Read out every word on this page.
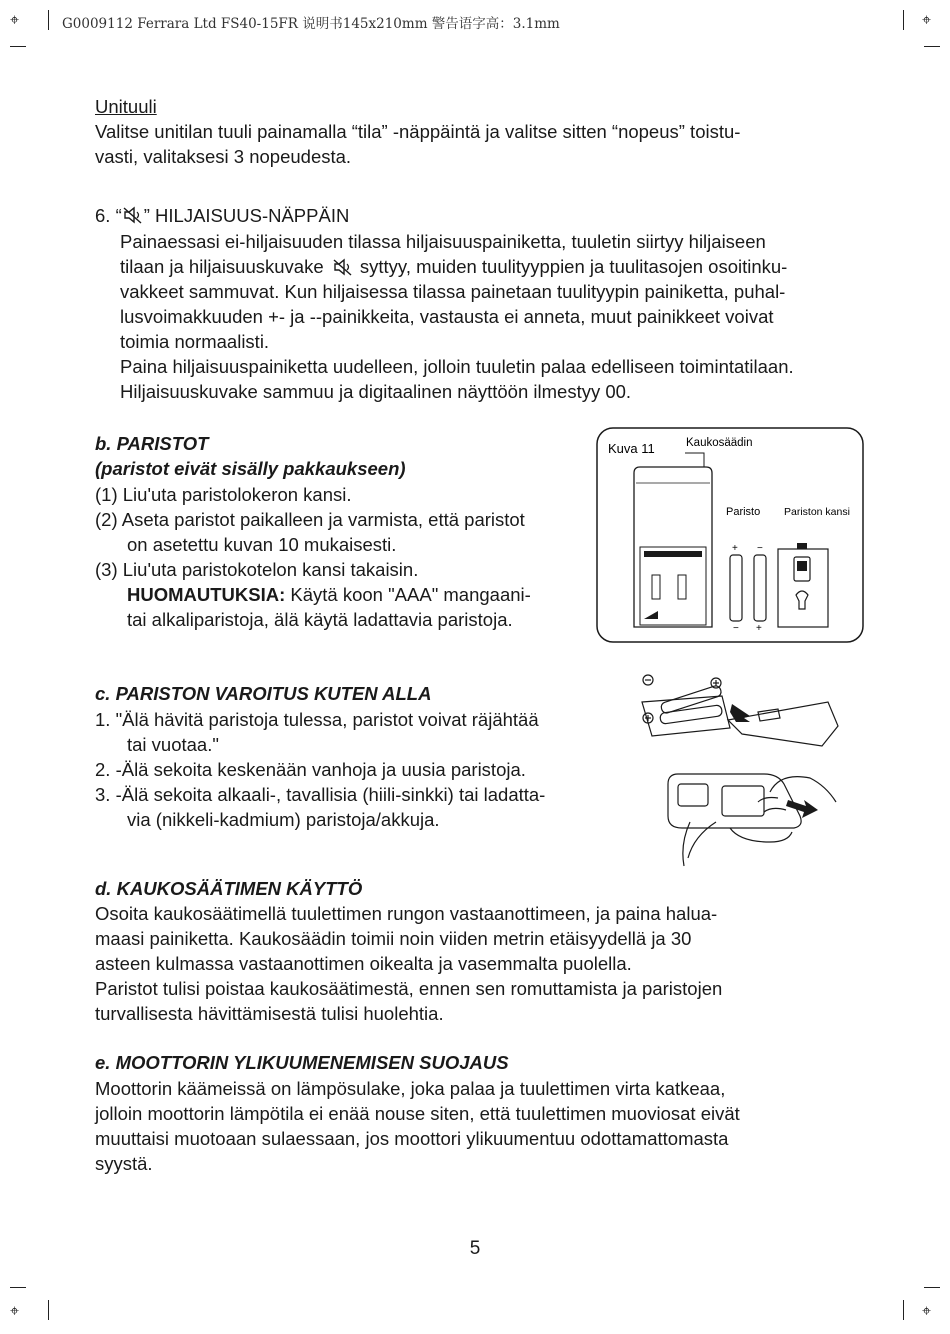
⌖	⌖
⌖	⌖
G0009112 Ferrara Ltd FS40-15FR 说明书145x210mm 警告语字高：3.1mm
Unituuli
Valitse unitilan tuuli painamalla “tila” -näppäintä ja valitse sitten “nopeus” toistu-
vasti, valitaksesi 3 nopeudesta.
6. “ ” HILJAISUUS-NÄPPÄIN
Painaessasi ei-hiljaisuuden tilassa hiljaisuuspainiketta, tuuletin siirtyy hiljaiseen
tilaan ja hiljaisuuskuvake syttyy, muiden tuulityyppien ja tuulitasojen osoitinku-
vakkeet sammuvat. Kun hiljaisessa tilassa painetaan tuulityypin painiketta, puhal-
lusvoimakkuuden +- ja --painikkeita, vastausta ei anneta, muut painikkeet voivat
toimia normaalisti.
Paina hiljaisuuspainiketta uudelleen, jolloin tuuletin palaa edelliseen toimintatilaan.
Hiljaisuuskuvake sammuu ja digitaalinen näyttöön ilmestyy 00.
b. PARISTOT
(paristot eivät sisälly pakkaukseen)
(1) Liu'uta paristolokeron kansi.
(2) Aseta paristot paikalleen ja varmista, että paristot
on asetettu kuvan 10 mukaisesti.
(3) Liu'uta paristokotelon kansi takaisin.
HUOMAUTUKSIA: Käytä koon "AAA" mangaani-
tai alkaliparistoja, älä käytä ladattavia paristoja.
Kuva 11	Kaukosäädin
Paristo Pariston kansi
+ −
− +
c. PARISTON VAROITUS KUTEN ALLA
1. "Älä hävitä paristoja tulessa, paristot voivat räjähtää
tai vuotaa."
2. -Älä sekoita keskenään vanhoja ja uusia paristoja.
3. -Älä sekoita alkaali-, tavallisia (hiili-sinkki) tai ladatta-
via (nikkeli-kadmium) paristoja/akkuja.
d. KAUKOSÄÄTIMEN KÄYTTÖ
Osoita kaukosäätimellä tuulettimen rungon vastaanottimeen, ja paina halua-
maasi painiketta. Kaukosäädin toimii noin viiden metrin etäisyydellä ja 30
asteen kulmassa vastaanottimen oikealta ja vasemmalta puolella.
Paristot tulisi poistaa kaukosäätimestä, ennen sen romuttamista ja paristojen
turvallisesta hävittämisestä tulisi huolehtia.
e. MOOTTORIN YLIKUUMENEMISEN SUOJAUS
Moottorin käämeissä on lämpösulake, joka palaa ja tuulettimen virta katkeaa,
jolloin moottorin lämpötila ei enää nouse siten, että tuulettimen muoviosat eivät
muuttaisi muotoaan sulaessaan, jos moottori ylikuumentuu odottamattomasta
syystä.
5
